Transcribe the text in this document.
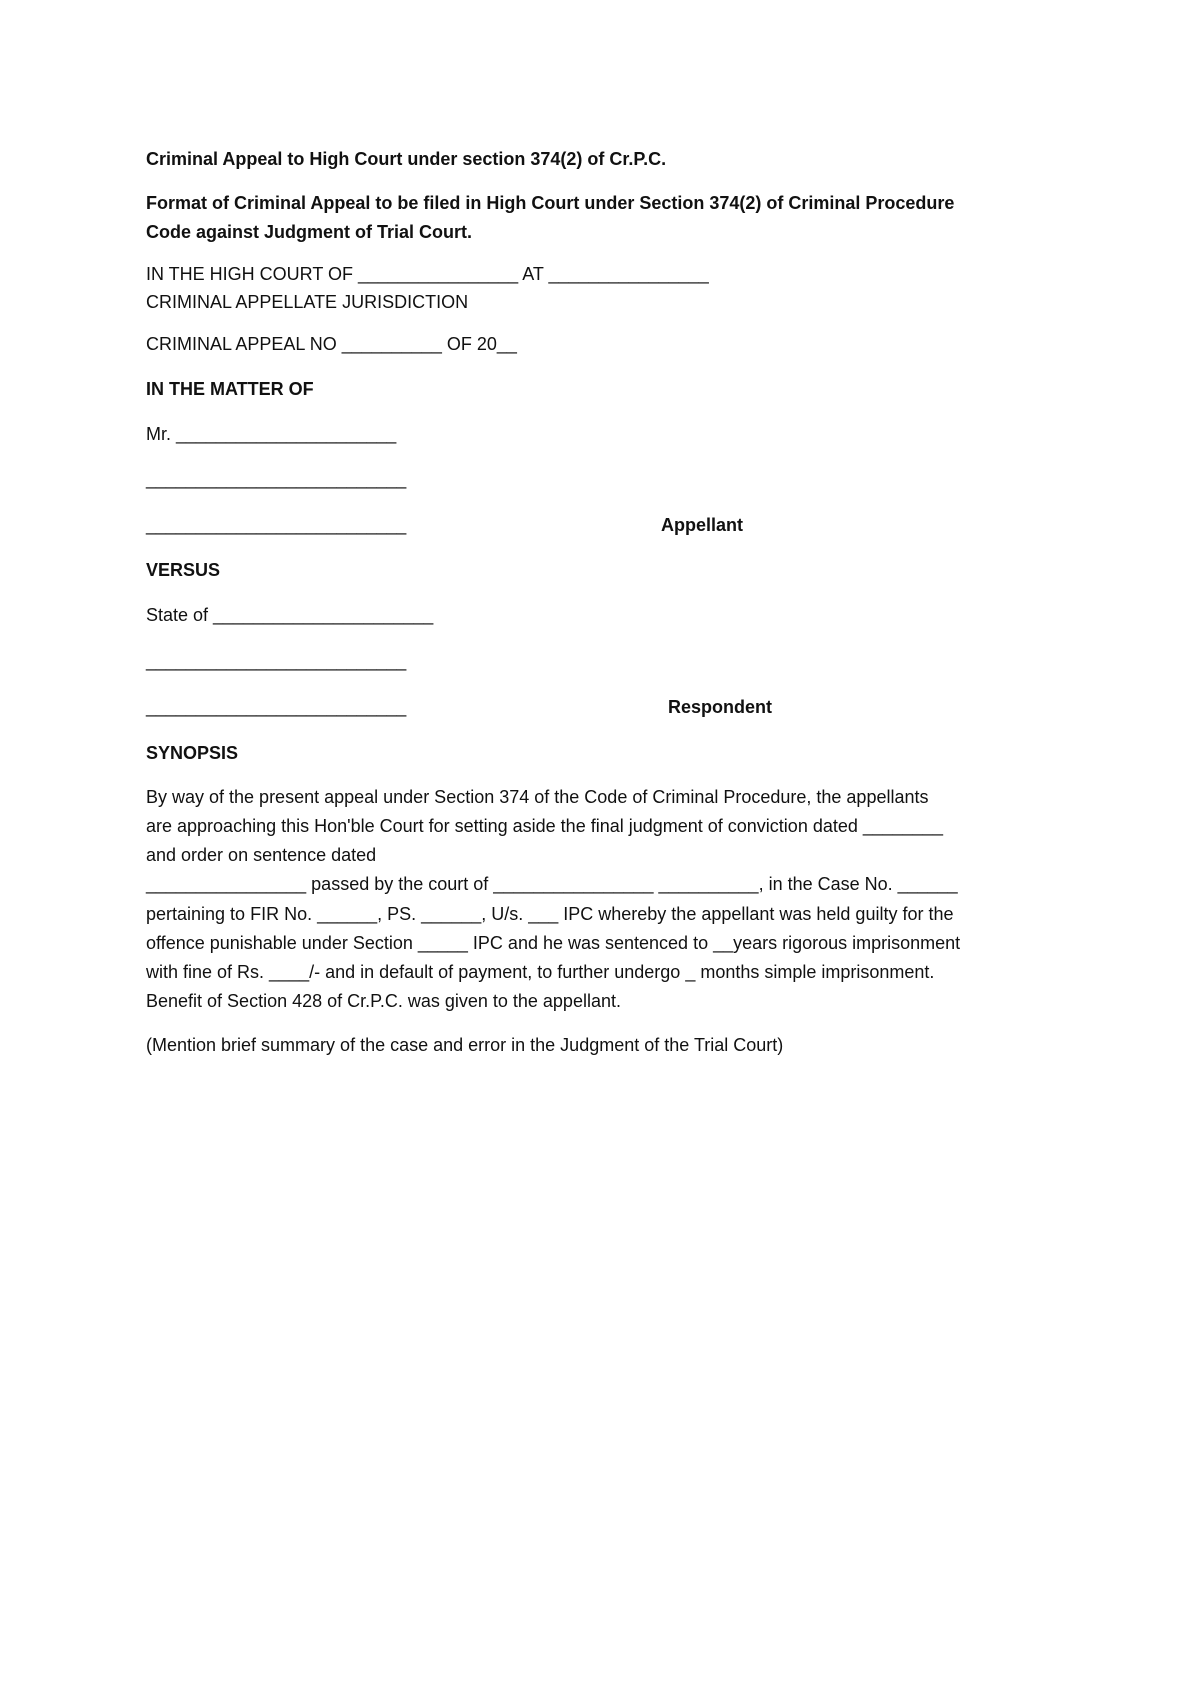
Criminal Appeal to High Court under section 374(2) of Cr.P.C.
Format of Criminal Appeal to be filed in High Court under Section 374(2) of Criminal Procedure
Code against Judgment of Trial Court.
IN THE HIGH COURT OF ________________ AT ________________
CRIMINAL APPELLATE JURISDICTION
CRIMINAL APPEAL NO __________ OF 20__
IN THE MATTER OF
Mr. ______________________
__________________________
__________________________	Appellant
VERSUS
State of ______________________
__________________________
__________________________	Respondent
SYNOPSIS
By way of the present appeal under Section 374 of the Code of Criminal Procedure, the appellants
are approaching this Hon'ble Court for setting aside the final judgment of conviction dated ________
and order on sentence dated
________________ passed by the court of ________________ __________, in the Case No. ______
pertaining to FIR No. ______, PS. ______, U/s. ___ IPC whereby the appellant was held guilty for the
offence punishable under Section _____ IPC and he was sentenced to __years rigorous imprisonment
with fine of Rs. ____/- and in default of payment, to further undergo _ months simple imprisonment.
Benefit of Section 428 of Cr.P.C. was given to the appellant.
(Mention brief summary of the case and error in the Judgment of the Trial Court)
